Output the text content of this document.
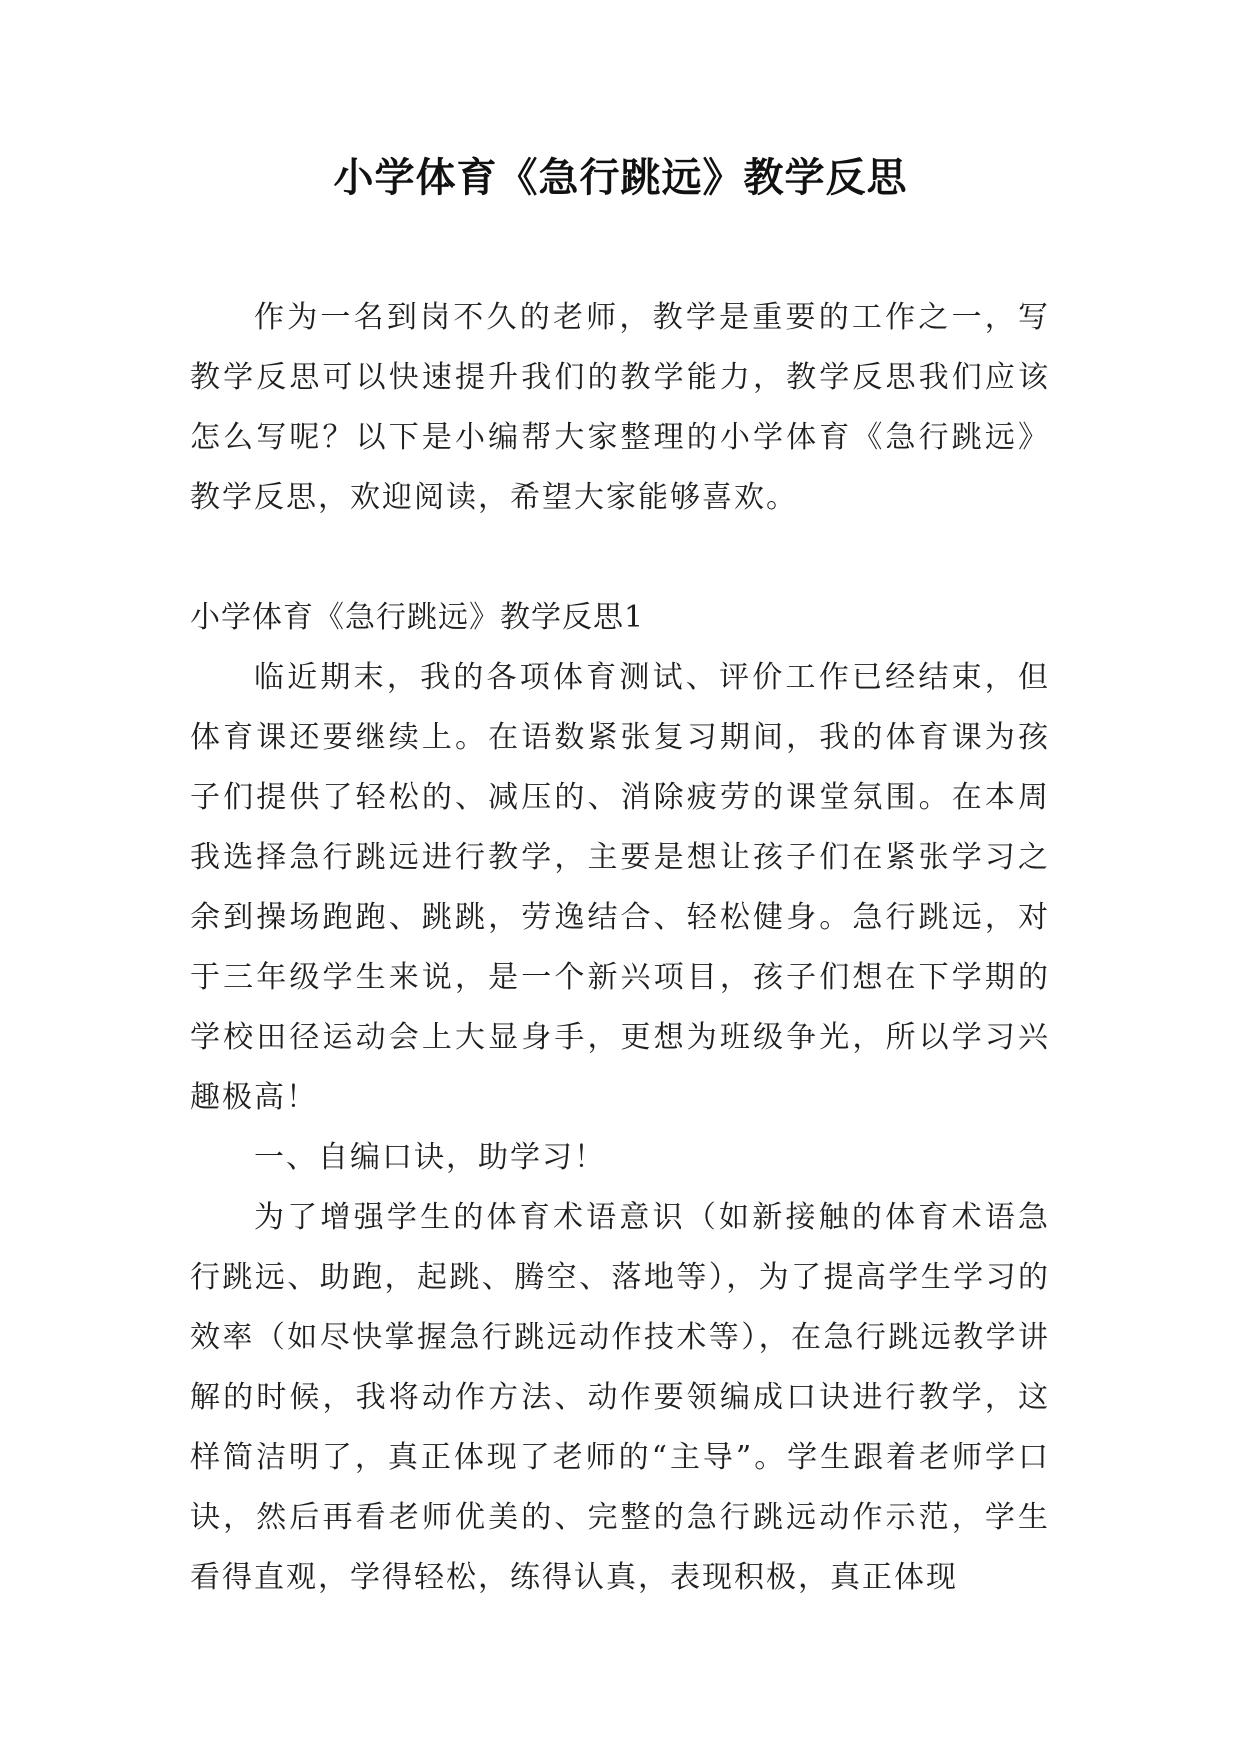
小学体育《急行跳远》教学反思

作为一名到岗不久的老师，教学是重要的工作之一，写教学反思可以快速提升我们的教学能力，教学反思我们应该怎么写呢？以下是小编帮大家整理的小学体育《急行跳远》教学反思，欢迎阅读，希望大家能够喜欢。

小学体育《急行跳远》教学反思1

临近期末，我的各项体育测试、评价工作已经结束，但体育课还要继续上。在语数紧张复习期间，我的体育课为孩子们提供了轻松的、减压的、消除疲劳的课堂氛围。在本周我选择急行跳远进行教学，主要是想让孩子们在紧张学习之余到操场跑跑、跳跳，劳逸结合、轻松健身。急行跳远，对于三年级学生来说，是一个新兴项目，孩子们想在下学期的学校田径运动会上大显身手，更想为班级争光，所以学习兴趣极高！

一、自编口诀，助学习！

为了增强学生的体育术语意识（如新接触的体育术语急行跳远、助跑，起跳、腾空、落地等），为了提高学生学习的效率（如尽快掌握急行跳远动作技术等），在急行跳远教学讲解的时候，我将动作方法、动作要领编成口诀进行教学，这样简洁明了，真正体现了老师的“主导”。学生跟着老师学口诀，然后再看老师优美的、完整的急行跳远动作示范，学生看得直观，学得轻松，练得认真，表现积极，真正体现
